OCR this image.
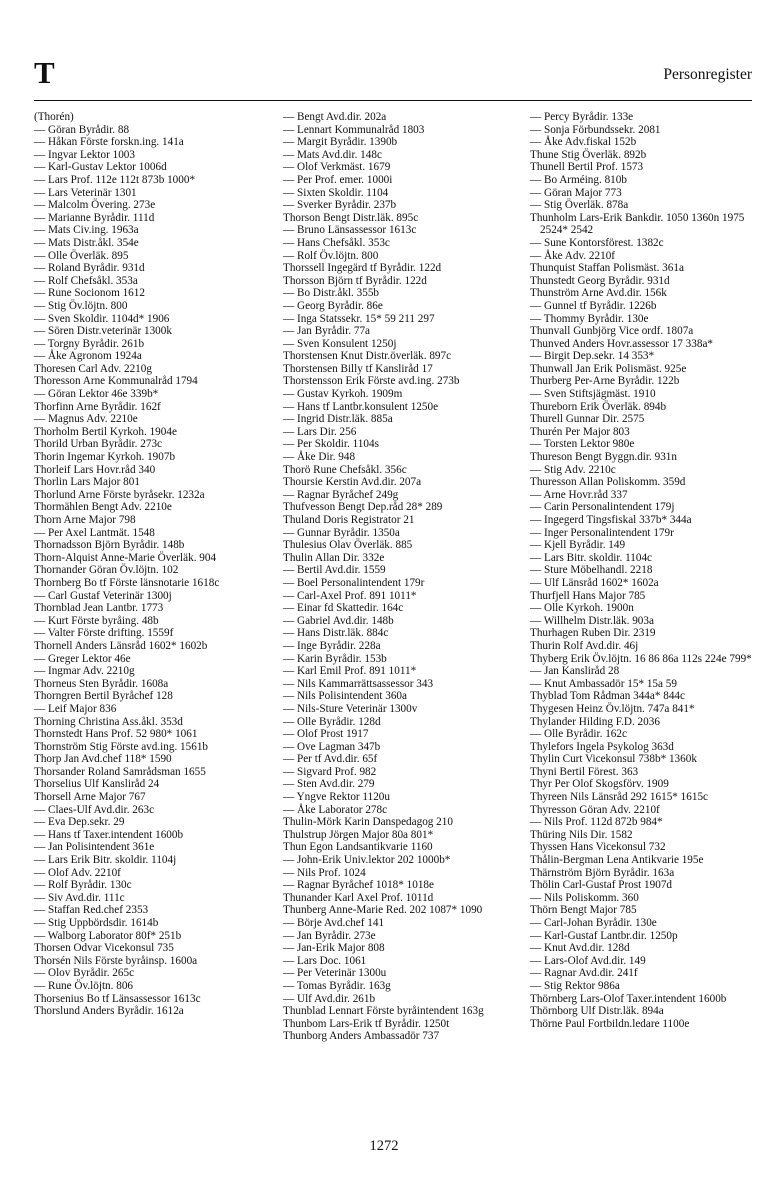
T	Personregister
(Thorén)
— Göran Byrådir. 88
— Håkan Förste forskn.ing. 141a
— Ingvar Lektor 1003
— Karl-Gustav Lektor 1006d
— Lars Prof. 112e 112t 873b 1000*
— Lars Veterinär 1301
— Malcolm Övering. 273e
— Marianne Byrådir. 111d
— Mats Civ.ing. 1963a
— Mats Distr.åkl. 354e
— Olle Överläk. 895
— Roland Byrådir. 931d
— Rolf Chefsåkl. 353a
— Rune Socionom 1612
— Stig Öv.löjtn. 800
— Sven Skoldir. 1104d* 1906
— Sören Distr.veterinär 1300k
— Torgny Byrådir. 261b
— Åke Agronom 1924a
Thoresen Carl Adv. 2210g
Thoresson Arne Kommunalråd 1794
— Göran Lektor 46e 339b*
Thorfinn Arne Byrådir. 162f
— Magnus Adv. 2210e
Thorholm Bertil Kyrkoh. 1904e
Thorild Urban Byrådir. 273c
Thorin Ingemar Kyrkoh. 1907b
Thorleif Lars Hovr.råd 340
Thorlin Lars Major 801
Thorlund Arne Förste byråsekr. 1232a
Thormählen Bengt Adv. 2210e
Thorn Arne Major 798
— Per Axel Lantmät. 1548
Thornadsson Björn Byrådir. 148b
Thorn-Alquist Anne-Marie Överläk. 904
Thornander Göran Öv.löjtn. 102
Thornberg Bo tf Förste länsnotarie 1618c
— Carl Gustaf Veterinär 1300j
Thornblad Jean Lantbr. 1773
— Kurt Förste byråing. 48b
— Valter Förste drifting. 1559f
Thornell Anders Länsråd 1602* 1602b
— Greger Lektor 46e
— Ingmar Adv. 2210g
Thorneus Sten Byrådir. 1608a
Thorngren Bertil Byråchef 128
— Leif Major 836
Thorning Christina Ass.åkl. 353d
Thornstedt Hans Prof. 52 980* 1061
Thornström Stig Förste avd.ing. 1561b
Thorp Jan Avd.chef 118* 1590
Thorsander Roland Samrådsman 1655
Thorselius Ulf Kansliråd 24
Thorsell Arne Major 767
— Claes-Ulf Avd.dir. 263c
— Eva Dep.sekr. 29
— Hans tf Taxer.intendent 1600b
— Jan Polisintendent 361e
— Lars Erik Bitr. skoldir. 1104j
— Olof Adv. 2210f
— Rolf Byrådir. 130c
— Siv Avd.dir. 111c
— Staffan Red.chef 2353
— Stig Uppbördsdir. 1614b
— Walborg Laborator 80f* 251b
Thorsen Odvar Vicekonsul 735
Thorsén Nils Förste byråinsp. 1600a
— Olov Byrådir. 265c
— Rune Öv.löjtn. 806
Thorsenius Bo tf Länsassessor 1613c
Thorslund Anders Byrådir. 1612a
— Bengt Avd.dir. 202a
— Lennart Kommunalråd 1803
— Margit Byrådir. 1390b
— Mats Avd.dir. 148c
— Olof Verkmäst. 1679
— Per Prof. emer. 1000i
— Sixten Skoldir. 1104
— Sverker Byrådir. 237b
Thorson Bengt Distr.läk. 895c
— Bruno Länsassessor 1613c
— Hans Chefsåkl. 353c
— Rolf Öv.löjtn. 800
Thorssell Ingegärd tf Byrådir. 122d
Thorsson Björn tf Byrådir. 122d
— Bo Distr.åkl. 355b
— Georg Byrådir. 86e
— Inga Statssekr. 15* 59 211 297
— Jan Byrådir. 77a
— Sven Konsulent 1250j
Thorstensen Knut Distr.överläk. 897c
Thorstensen Billy tf Kansliråd 17
Thorstensson Erik Förste avd.ing. 273b
— Gustav Kyrkoh. 1909m
— Hans tf Lantbr.konsulent 1250e
— Ingrid Distr.läk. 885a
— Lars Dir. 256
— Per Skoldir. 1104s
— Åke Dir. 948
Thorö Rune Chefsåkl. 356c
Thoursie Kerstin Avd.dir. 207a
— Ragnar Byråchef 249g
Thufvesson Bengt Dep.råd 28* 289
Thuland Doris Registrator 21
— Gunnar Byrådir. 1350a
Thulesius Olav Överläk. 885
Thulin Allan Dir. 332e
— Bertil Avd.dir. 1559
— Boel Personalintendent 179r
— Carl-Axel Prof. 891 1011*
— Einar fd Skattedir. 164c
— Gabriel Avd.dir. 148b
— Hans Distr.läk. 884c
— Inge Byrådir. 228a
— Karin Byrådir. 153b
— Karl Emil Prof. 891 1011*
— Nils Kammarrättsassessor 343
— Nils Polisintendent 360a
— Nils-Sture Veterinär 1300v
— Olle Byrådir. 128d
— Olof Prost 1917
— Ove Lagman 347b
— Per tf Avd.dir. 65f
— Sigvard Prof. 982
— Sten Avd.dir. 279
— Yngve Rektor 1120u
— Åke Laborator 278c
Thulin-Mörk Karin Danspedagog 210
Thulstrup Jörgen Major 80a 801*
Thun Egon Landsantikvarie 1160
— John-Erik Univ.lektor 202 1000b*
— Nils Prof. 1024
— Ragnar Byråchef 1018* 1018e
Thunander Karl Axel Prof. 1011d
Thunberg Anne-Marie Red. 202 1087* 1090
— Börje Avd.chef 141
— Jan Byrådir. 273e
— Jan-Erik Major 808
— Lars Doc. 1061
— Per Veterinär 1300u
— Tomas Byrådir. 163g
— Ulf Avd.dir. 261b
Thunblad Lennart Förste byråintendent 163g
Thunbom Lars-Erik tf Byrådir. 1250t
Thunborg Anders Ambassadör 737
— Percy Byrådir. 133e
— Sonja Förbundssekr. 2081
— Åke Adv.fiskal 152b
Thune Stig Överläk. 892b
Thunell Bertil Prof. 1573
— Bo Arméing. 810b
— Göran Major 773
— Stig Överläk. 878a
Thunholm Lars-Erik Bankdir. 1050 1360n 1975 2524* 2542
— Sune Kontorsförest. 1382c
— Åke Adv. 2210f
Thunquist Staffan Polismäst. 361a
Thunstedt Georg Byrådir. 931d
Thunström Arne Avd.dir. 156k
— Gunnel tf Byrådir. 1226b
— Thommy Byrådir. 130e
Thunvall Gunbjörg Vice ordf. 1807a
Thunved Anders Hovr.assessor 17 338a*
— Birgit Dep.sekr. 14 353*
Thunwall Jan Erik Polismäst. 925e
Thurberg Per-Arne Byrådir. 122b
— Sven Stiftsjägmäst. 1910
Thureborn Erik Överläk. 894b
Thurell Gunnar Dir. 2575
Thurén Per Major 803
— Torsten Lektor 980e
Thureson Bengt Byggn.dir. 931n
— Stig Adv. 2210c
Thuresson Allan Poliskomm. 359d
— Arne Hovr.råd 337
— Carin Personalintendent 179j
— Ingegerd Tingsfiskal 337b* 344a
— Inger Personalintendent 179r
— Kjell Byrådir. 149
— Lars Bitr. skoldir. 1104c
— Sture Möbelhandl. 2218
— Ulf Länsråd 1602* 1602a
Thurfjell Hans Major 785
— Olle Kyrkoh. 1900n
— Willhelm Distr.läk. 903a
Thurhagen Ruben Dir. 2319
Thurin Rolf Avd.dir. 46j
Thyberg Erik Öv.löjtn. 16 86 86a 112s 224e 799*
— Jan Kanslіråd 28
— Knut Ambassadör 15* 15a 59
Thyblad Tom Rådman 344a* 844c
Thygesen Heinz Öv.löjtn. 747a 841*
Thylander Hilding F.D. 2036
— Olle Byrådir. 162c
Thylefors Ingela Psykolog 363d
Thylin Curt Vicekonsul 738b* 1360k
Thyni Bertil Förest. 363
Thyr Per Olof Skogsförv. 1909
Thyreen Nils Länsråd 292 1615* 1615c
Thyresson Göran Adv. 2210f
— Nils Prof. 112d 872b 984*
Thüring Nils Dir. 1582
Thyssen Hans Vicekonsul 732
Thålin-Bergman Lena Antikvarie 195e
Thärnström Björn Byrådir. 163a
Thölin Carl-Gustaf Prost 1907d
— Nils Poliskomm. 360
Thörn Bengt Major 785
— Carl-Johan Byrådir. 130e
— Karl-Gustaf Lantbr.dir. 1250p
— Knut Avd.dir. 128d
— Lars-Olof Avd.dir. 149
— Ragnar Avd.dir. 241f
— Stig Rektor 986a
Thörnberg Lars-Olof Taxer.intendent 1600b
Thörnborg Ulf Distr.läk. 894a
Thörne Paul Fortbildn.ledare 1100e
1272
